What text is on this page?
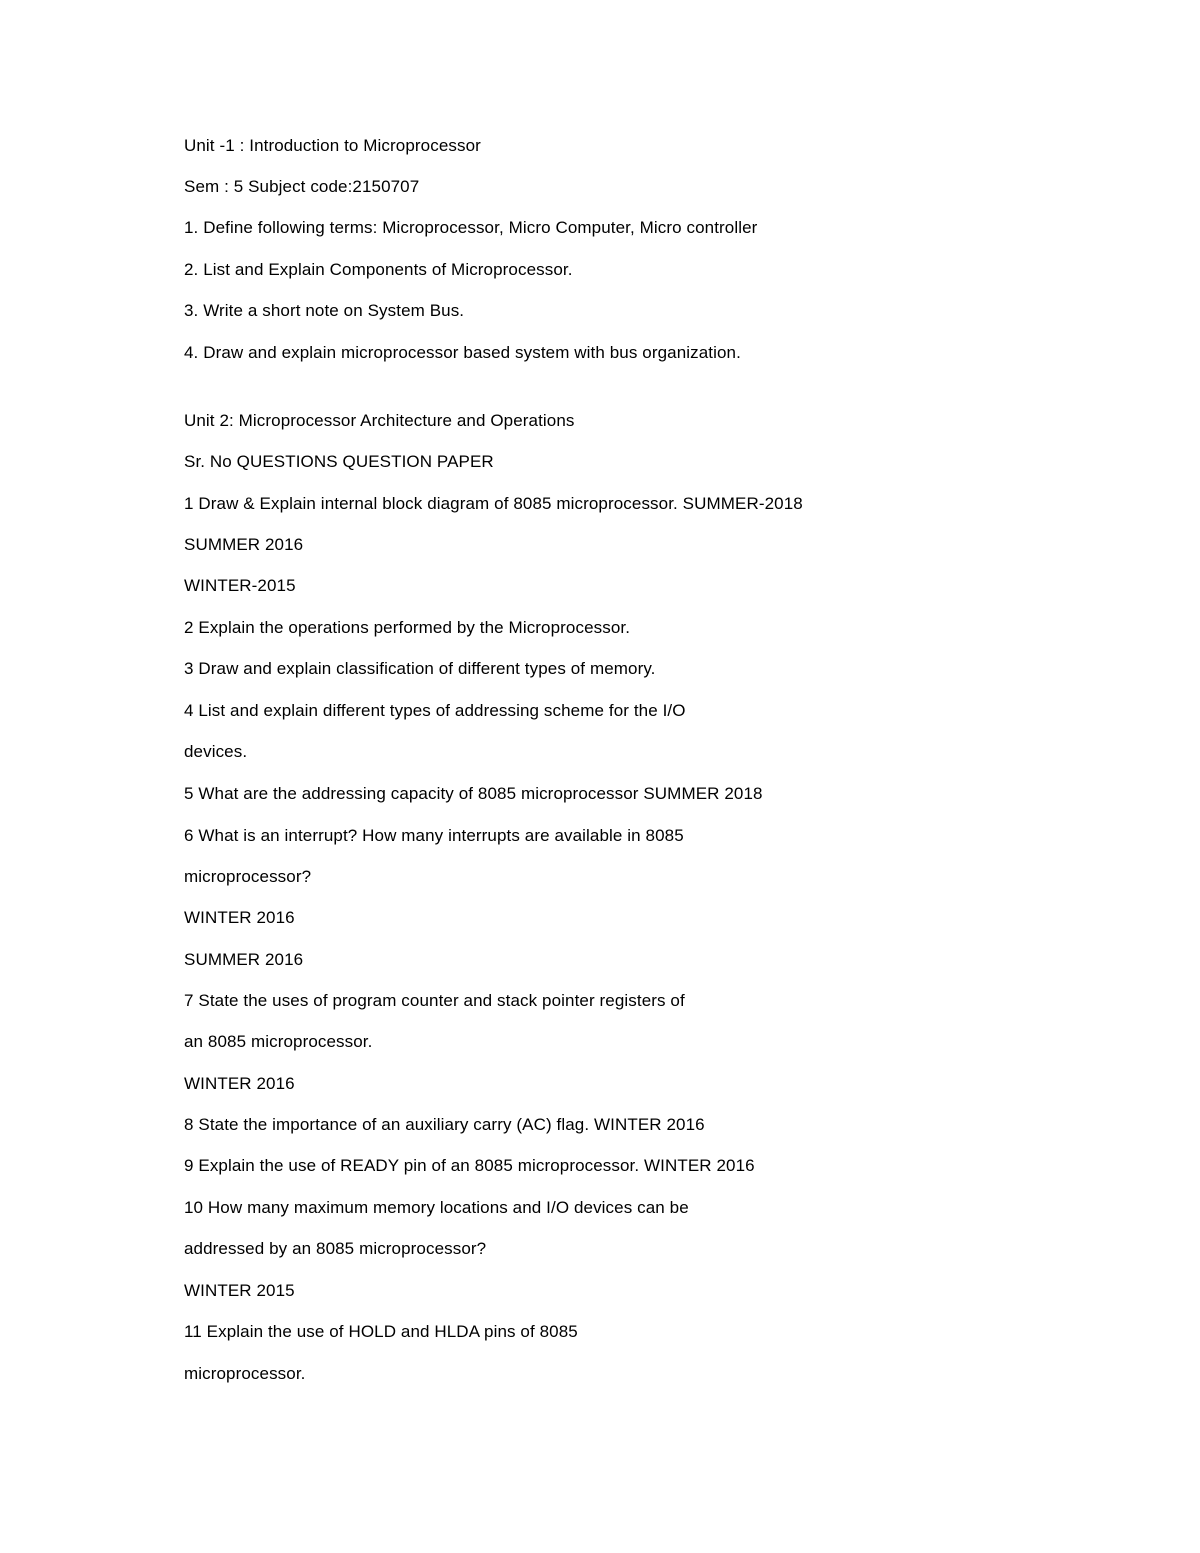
Unit -1 : Introduction to Microprocessor
Sem : 5 Subject code:2150707
1. Define following terms: Microprocessor, Micro Computer, Micro controller
2. List and Explain Components of Microprocessor.
3. Write a short note on System Bus.
4. Draw and explain microprocessor based system with bus organization.
Unit 2: Microprocessor Architecture and Operations
Sr. No QUESTIONS QUESTION PAPER
1 Draw & Explain internal block diagram of 8085 microprocessor. SUMMER-2018
SUMMER 2016
WINTER-2015
2 Explain the operations performed by the Microprocessor.
3 Draw and explain classification of different types of memory.
4 List and explain different types of addressing scheme for the I/O
devices.
5 What are the addressing capacity of 8085 microprocessor SUMMER 2018
6 What is an interrupt? How many interrupts are available in 8085
microprocessor?
WINTER 2016
SUMMER 2016
7 State the uses of program counter and stack pointer registers of
an 8085 microprocessor.
WINTER 2016
8 State the importance of an auxiliary carry (AC) flag. WINTER 2016
9 Explain the use of READY pin of an 8085 microprocessor. WINTER 2016
10 How many maximum memory locations and I/O devices can be
addressed by an 8085 microprocessor?
WINTER 2015
11 Explain the use of HOLD and HLDA pins of 8085
microprocessor.
